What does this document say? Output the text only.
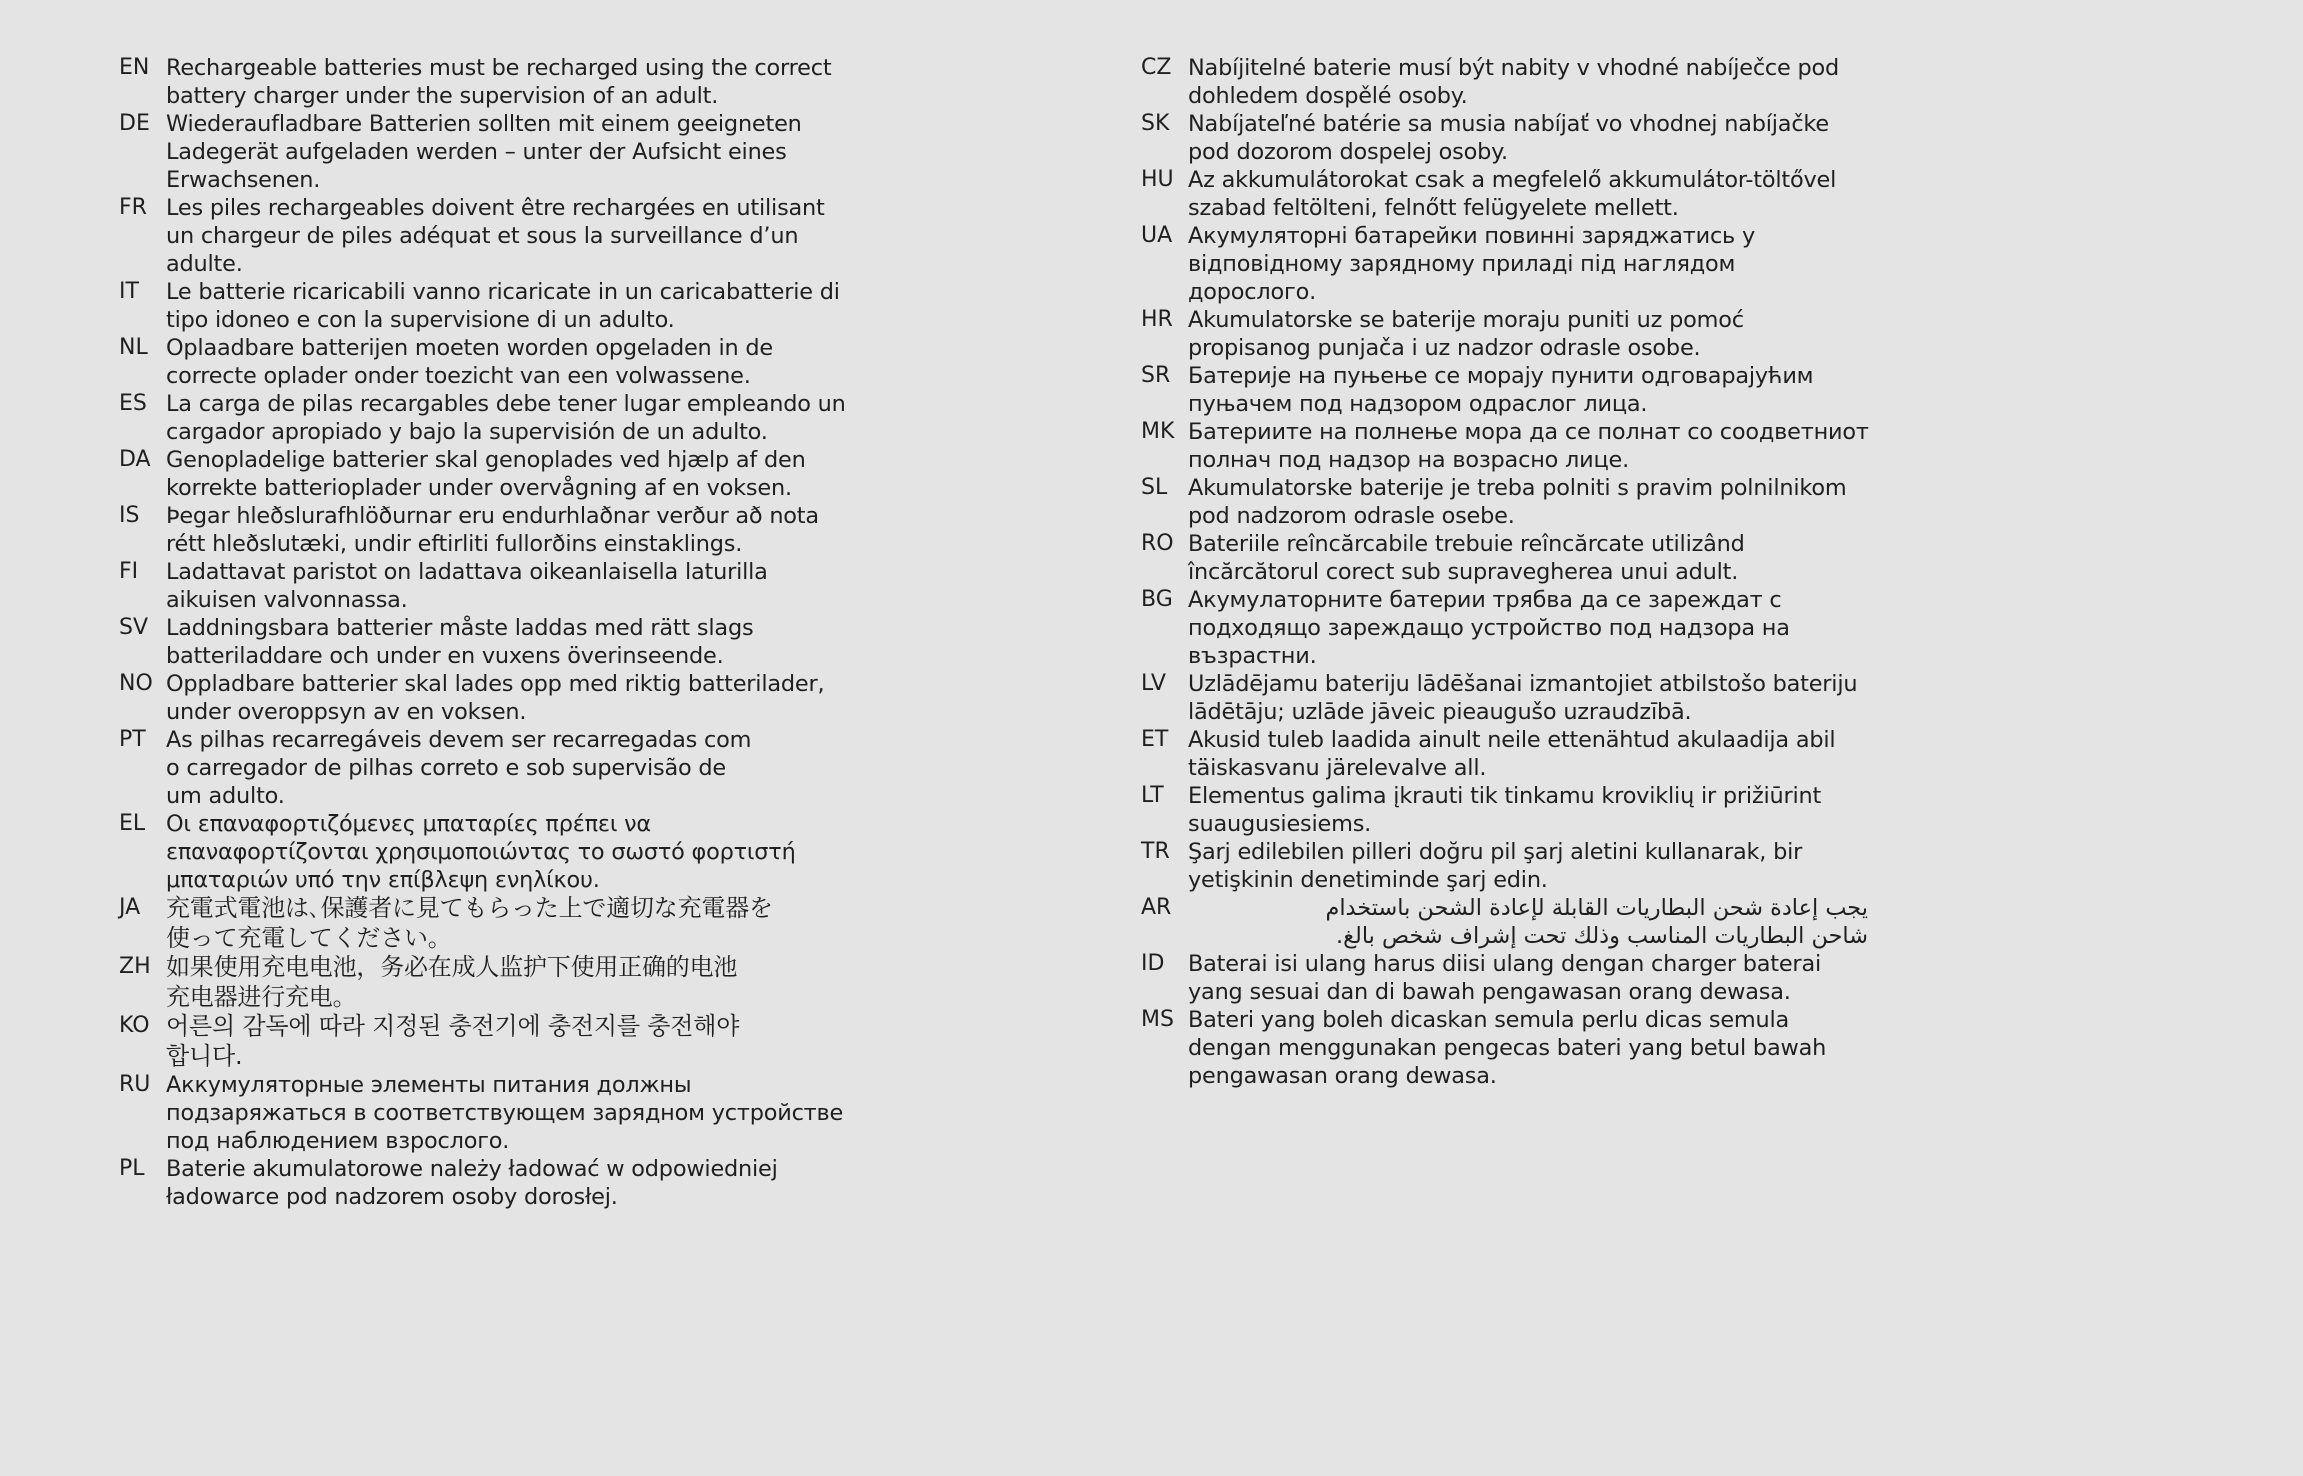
EN Rechargeable batteries must be recharged using the correct
battery charger under the supervision of an adult.
DE Wiederaufladbare Batterien sollten mit einem geeigneten
Ladegerät aufgeladen werden – unter der Aufsicht eines
Erwachsenen.
FR Les piles rechargeables doivent être rechargées en utilisant
un chargeur de piles adéquat et sous la surveillance d’un
adulte.
IT	Le batterie ricaricabili vanno ricaricate in un caricabatterie di
tipo idoneo e con la supervisione di un adulto.
NL Oplaadbare batterijen moeten worden opgeladen in de
correcte oplader onder toezicht van een volwassene.
ES La carga de pilas recargables debe tener lugar empleando un
cargador apropiado y bajo la supervisión de un adulto.
DA Genopladelige batterier skal genoplades ved hjælp af den
korrekte batterioplader under overvågning af en voksen.
IS	Þegar hleðslurafhlöðurnar eru endurhlaðnar verður að nota
rétt hleðslutæki, undir eftirliti fullorðins einstaklings.
FI	Ladattavat paristot on ladattava oikeanlaisella laturilla
aikuisen valvonnassa.
SV Laddningsbara batterier måste laddas med rätt slags
batteriladdare och under en vuxens överinseende.
NO Oppladbare batterier skal lades opp med riktig batterilader,
under overoppsyn av en voksen.
PT As pilhas recarregáveis devem ser recarregadas com
o carregador de pilhas correto e sob supervisão de
um adulto.
EL Οι επαναφορτιζόμενες μπαταρίες πρέπει να
επαναφορτίζονται χρησιμοποιώντας το σωστό φορτιστή
μπαταριών υπό την επίβλεψη ενηλίκου.
JA	充電式電池は､保護者に見てもらった上で適切な充電器を
使って充電してください｡
ZH 如果使用充电电池，务必在成人监护下使用正确的电池
充电器进行充电。
KO 어른의 감독에 따라 지정된 충전기에 충전지를 충전해야
합니다.
RU Аккумуляторные элементы питания должны
подзаряжаться в соответствующем зарядном устройстве
под наблюдением взрослого.
PL Baterie akumulatorowe należy ładować w odpowiedniej
ładowarce pod nadzorem osoby dorosłej.
CZ Nabíjitelné baterie musí být nabity v vhodné nabíječce pod
dohledem dospělé osoby.
SK Nabíjateľné batérie sa musia nabíjať vo vhodnej nabíjačke
pod dozorom dospelej osoby.
HU Az akkumulátorokat csak a megfelelő akkumulátor-töltővel
szabad feltölteni, felnőtt felügyelete mellett.
UA Акумуляторні батарейки повинні заряджатись у
відповідному зарядному приладі під наглядом
дорослого.
HR Akumulatorske se baterije moraju puniti uz pomoć
propisanog punjača i uz nadzor odrasle osobe.
SR Батерије на пуњење се морају пунити одговарајућим
пуњачем под надзором одраслог лица.
MK Батериите на полнење мора да се полнат со соодветниот
полнач под надзор на возрасно лице.
SL Akumulatorske baterije je treba polniti s pravim polnilnikom
pod nadzorom odrasle osebe.
RO Bateriile reîncărcabile trebuie reîncărcate utilizând
încărcătorul corect sub supravegherea unui adult.
BG Акумулаторните батерии трябва да се зареждат с
подходящо зареждащо устройство под надзора на
възрастни.
LV Uzlādējamu bateriju lādēšanai izmantojiet atbilstošo bateriju
lādētāju; uzlāde jāveic pieaugušo uzraudzībā.
ET Akusid tuleb laadida ainult neile ettenähtud akulaadija abil
täiskasvanu järelevalve all.
LT	Elementus galima įkrauti tik tinkamu kroviklių ir prižiūrint
suaugusiesiems.
TR Şarj edilebilen pilleri doğru pil şarj aletini kullanarak, bir
yetişkinin denetiminde şarj edin.
AR	يجب إعادة شحن البطاريات القابلة لإعادة الشحن باستخدام
شاحن البطاريات المناسب وذلك تحت إشراف شخص بالغ.
ID	Baterai isi ulang harus diisi ulang dengan charger baterai
yang sesuai dan di bawah pengawasan orang dewasa.
MS Bateri yang boleh dicaskan semula perlu dicas semula
dengan menggunakan pengecas bateri yang betul bawah
pengawasan orang dewasa.
